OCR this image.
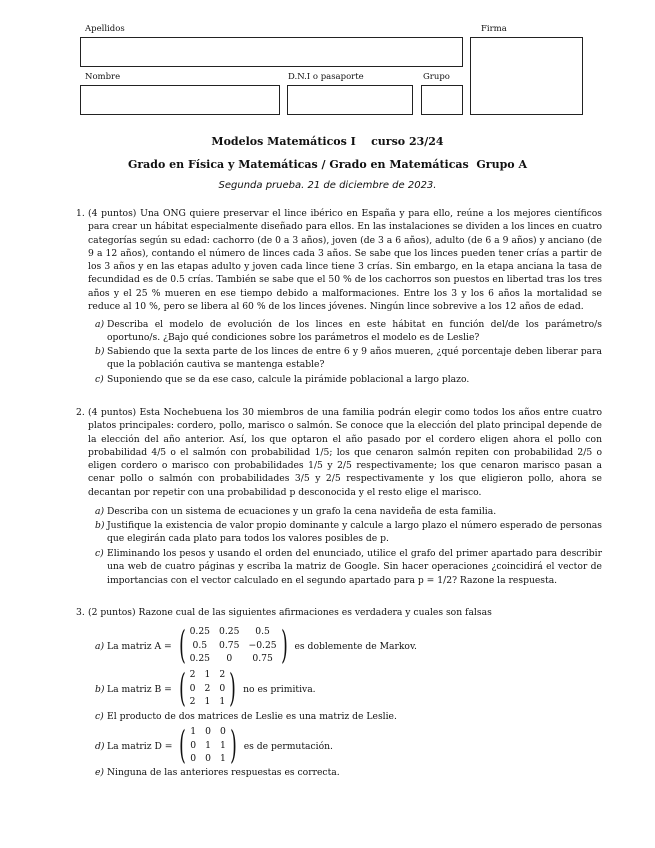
Apellidos	Firma
Nombre	D.N.I o pasaporte	Grupo
Modelos Matemáticos I    curso 23/24
Grado en Física y Matemáticas / Grado en Matemáticas  Grupo A
Segunda prueba. 21 de diciembre de 2023.
1. (4 puntos) Una ONG quiere preservar el lince ibérico en España y para ello, reúne a los mejores científicos para crear un hábitat especialmente diseñado para ellos. En las instalaciones se dividen a los linces en cuatro categorías según su edad: cachorro (de 0 a 3 años), joven (de 3 a 6 años), adulto (de 6 a 9 años) y anciano (de 9 a 12 años), contando el número de linces cada 3 años. Se sabe que los linces pueden tener crías a partir de los 3 años y en las etapas adulto y joven cada lince tiene 3 crías. Sin embargo, en la etapa anciana la tasa de fecundidad es de 0.5 crías. También se sabe que el 50 % de los cachorros son puestos en libertad tras los tres años y el 25 % mueren en ese tiempo debido a malformaciones. Entre los 3 y los 6 años la mortalidad se reduce al 10 %, pero se libera al 60 % de los linces jóvenes. Ningún lince sobrevive a los 12 años de edad.
a) Describa el modelo de evolución de los linces en este hábitat en función del/de los parámetro/s oportuno/s. ¿Bajo qué condiciones sobre los parámetros el modelo es de Leslie?
b) Sabiendo que la sexta parte de los linces de entre 6 y 9 años mueren, ¿qué porcentaje deben liberar para que la población cautiva se mantenga estable?
c) Suponiendo que se da ese caso, calcule la pirámide poblacional a largo plazo.
2. (4 puntos) Esta Nochebuena los 30 miembros de una familia podrán elegir como todos los años entre cuatro platos principales: cordero, pollo, marisco o salmón. Se conoce que la elección del plato principal depende de la elección del año anterior. Así, los que optaron el año pasado por el cordero eligen ahora el pollo con probabilidad 4/5 o el salmón con probabilidad 1/5; los que cenaron salmón repiten con probabilidad 2/5 o eligen cordero o marisco con probabilidades 1/5 y 2/5 respectivamente; los que cenaron marisco pasan a cenar pollo o salmón con probabilidades 3/5 y 2/5 respectivamente y los que eligieron pollo, ahora se decantan por repetir con una probabilidad p desconocida y el resto elige el marisco.
a) Describa con un sistema de ecuaciones y un grafo la cena navideña de esta familia.
b) Justifique la existencia de valor propio dominante y calcule a largo plazo el número esperado de personas que elegirán cada plato para todos los valores posibles de p.
c) Eliminando los pesos y usando el orden del enunciado, utilice el grafo del primer apartado para describir una web de cuatro páginas y escriba la matriz de Google. Sin hacer operaciones ¿coincidirá el vector de importancias con el vector calculado en el segundo apartado para p = 1/2? Razone la respuesta.
3. (2 puntos) Razone cual de las siguientes afirmaciones es verdadera y cuales son falsas
a) La matriz A = ( 0.25 0.25	0.5
0.5	0.75 −0.25
0.25	0	0.75 ) es doblemente de Markov.
b) La matriz B = ( 2 1 2
0 2 0
2 1 1 ) no es primitiva.
c) El producto de dos matrices de Leslie es una matriz de Leslie.
d) La matriz D = ( 1 0 0
0 1 1
0 0 1 ) es de permutación.
e) Ninguna de las anteriores respuestas es correcta.
